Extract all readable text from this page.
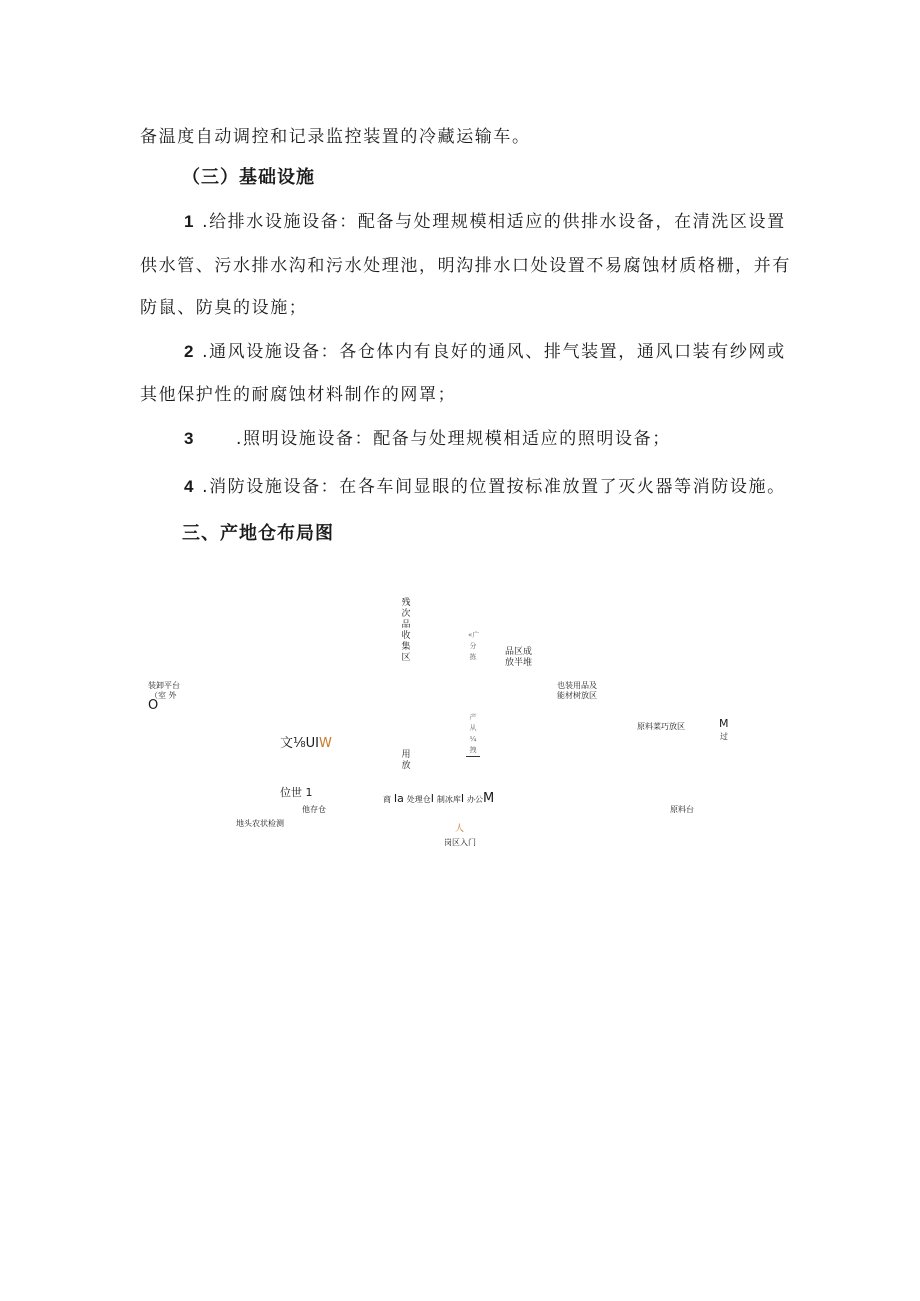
备温度自动调控和记录监控装置的冷藏运输车。
（三）基础设施
1 .给排水设施设备：配备与处理规模相适应的供排水设备，在清洗区设置
供水管、污水排水沟和污水处理池，明沟排水口处设置不易腐蚀材质格栅，并有
防鼠、防臭的设施；
2 .通风设施设备：各仓体内有良好的通风、排气装置，通风口装有纱网或
其他保护性的耐腐蚀材料制作的网罩；
3 .照明设施设备：配备与处理规模相适应的照明设备；
4 .消防设施设备：在各车间显眼的位置按标准放置了灭火器等消防设施。
三、产地仓布局图
残次品收集区
«广分拣	品区成
放半堆
也装用品及
能材树放区
装卸平台
（室 外
O
原料菜巧放区	M
过
产从¼拽
文⅛UIW
用放
位世 1
他存仓
商 Ia 处理仓I 制冰库I 办公M
原料台
地头农状检测
人
岗区入门
